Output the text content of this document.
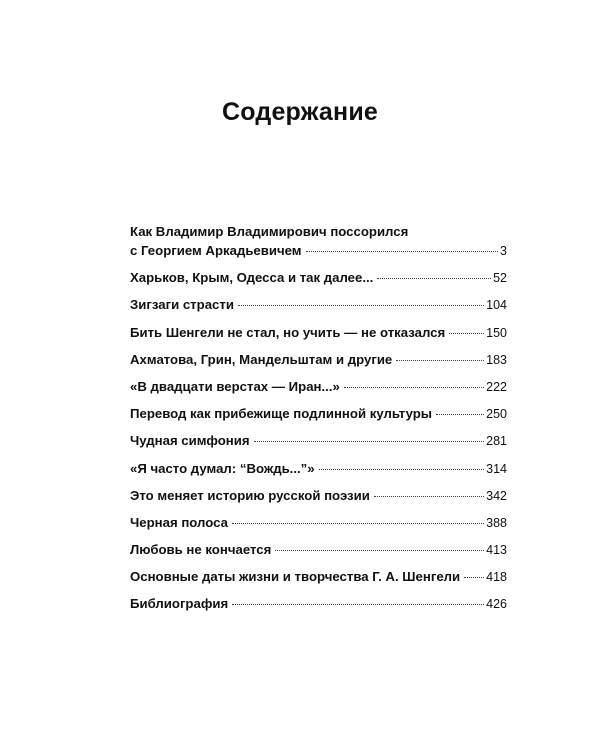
Содержание
Как Владимир Владимирович поссорился
с Георгием Аркадьевичем	3
Харьков, Крым, Одесса и так далее...	52
Зигзаги страсти	104
Бить Шенгели не стал, но учить — не отказался	150
Ахматова, Грин, Мандельштам и другие	183
«В двадцати верстах — Иран...»	222
Перевод как прибежище подлинной культуры	250
Чудная симфония	281
«Я часто думал: “Вождь...”»	314
Это меняет историю русской поэзии	342
Черная полоса	388
Любовь не кончается	413
Основные даты жизни и творчества Г. А. Шенгели 418
Библиография	426
